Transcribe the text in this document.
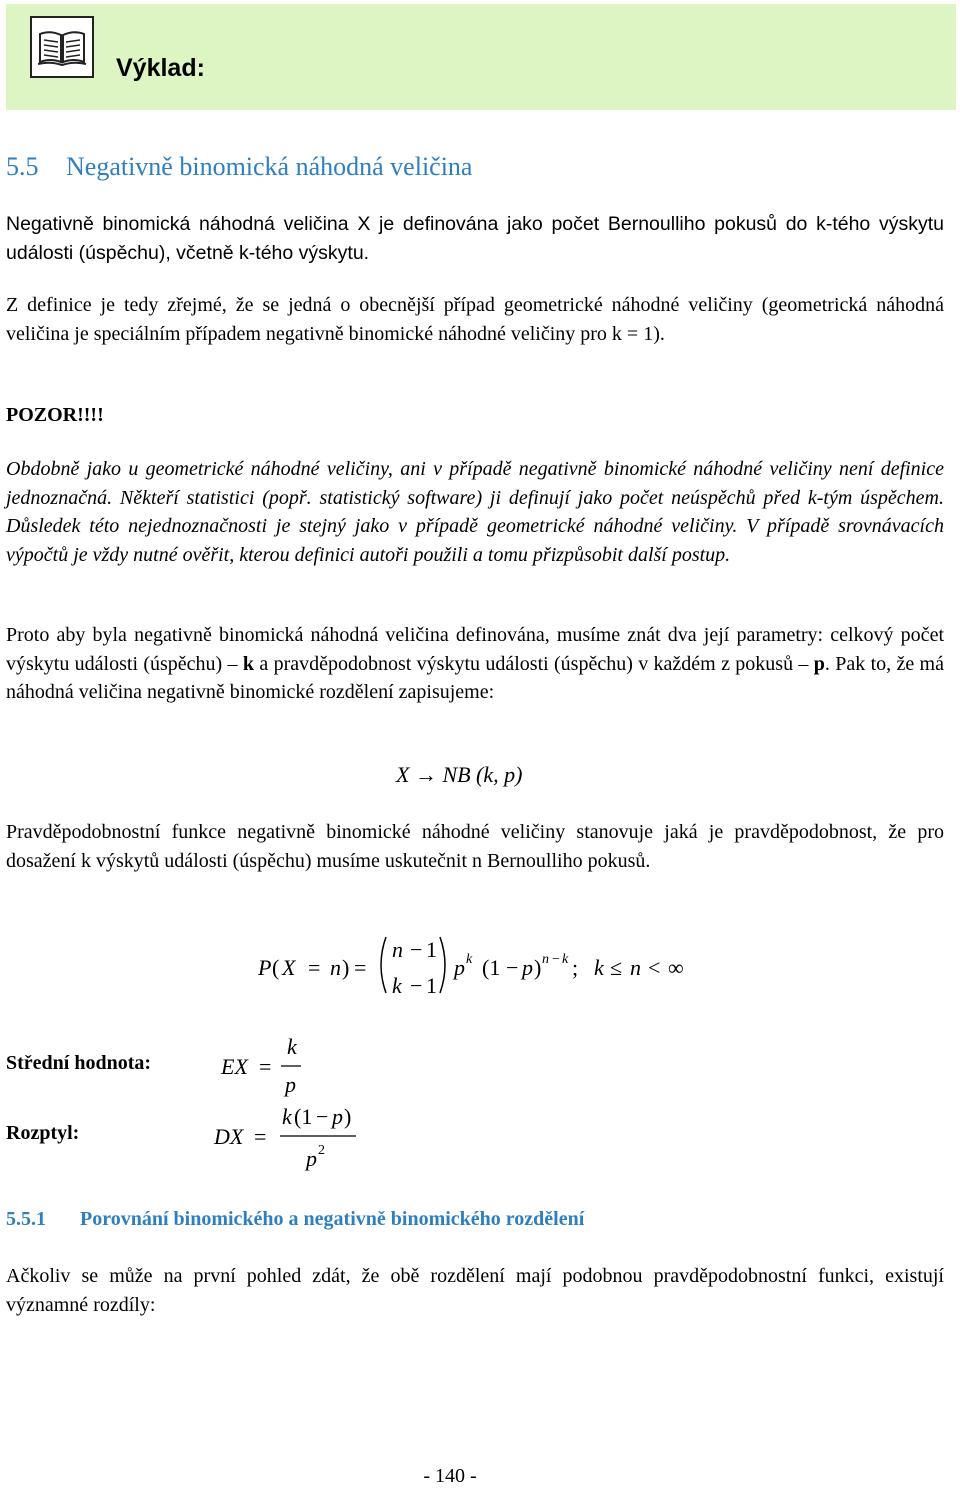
Výklad:
5.5 Negativně binomická náhodná veličina

Negativně binomická náhodná veličina X je definována jako počet Bernoulliho pokusů do k-tého výskytu události (úspěchu), včetně k-tého výskytu.

Z definice je tedy zřejmé, že se jedná o obecnější případ geometrické náhodné veličiny (geometrická náhodná veličina je speciálním případem negativně binomické náhodné veličiny pro k = 1).

POZOR!!!!

Obdobně jako u geometrické náhodné veličiny, ani v případě negativně binomické náhodné veličiny není definice jednoznačná. Někteří statistici (popř. statistický software) ji definují jako počet neúspěchů před k-tým úspěchem. Důsledek této nejednoznačnosti je stejný jako v případě geometrické náhodné veličiny. V případě srovnávacích výpočtů je vždy nutné ověřit, kterou definici autoři použili a tomu přizpůsobit další postup.

Proto aby byla negativně binomická náhodná veličina definována, musíme znát dva její parametry: celkový počet výskytu události (úspěchu) – k a pravděpodobnost výskytu události (úspěchu) v každém z pokusů – p. Pak to, že má náhodná veličina negativně binomické rozdělení zapisujeme:

X → NB (k, p)

Pravděpodobnostní funkce negativně binomické náhodné veličiny stanovuje jaká je pravděpodobnost, že pro dosažení k výskytů události (úspěchu) musíme uskutečnit n Bernoulliho pokusů.

P ( X = n ) =
n − 1
k − 1
p k (1 − p ) n − k ; k ≤ n < ∞
Střední hodnota:	EX =
k
p
Rozptyl:	DX =
k (1 − p )
p 2
5.5.1 Porovnání binomického a negativně binomického rozdělení

Ačkoliv se může na první pohled zdát, že obě rozdělení mají podobnou pravděpodobnostní funkci, existují významné rozdíly:

- 140 -
